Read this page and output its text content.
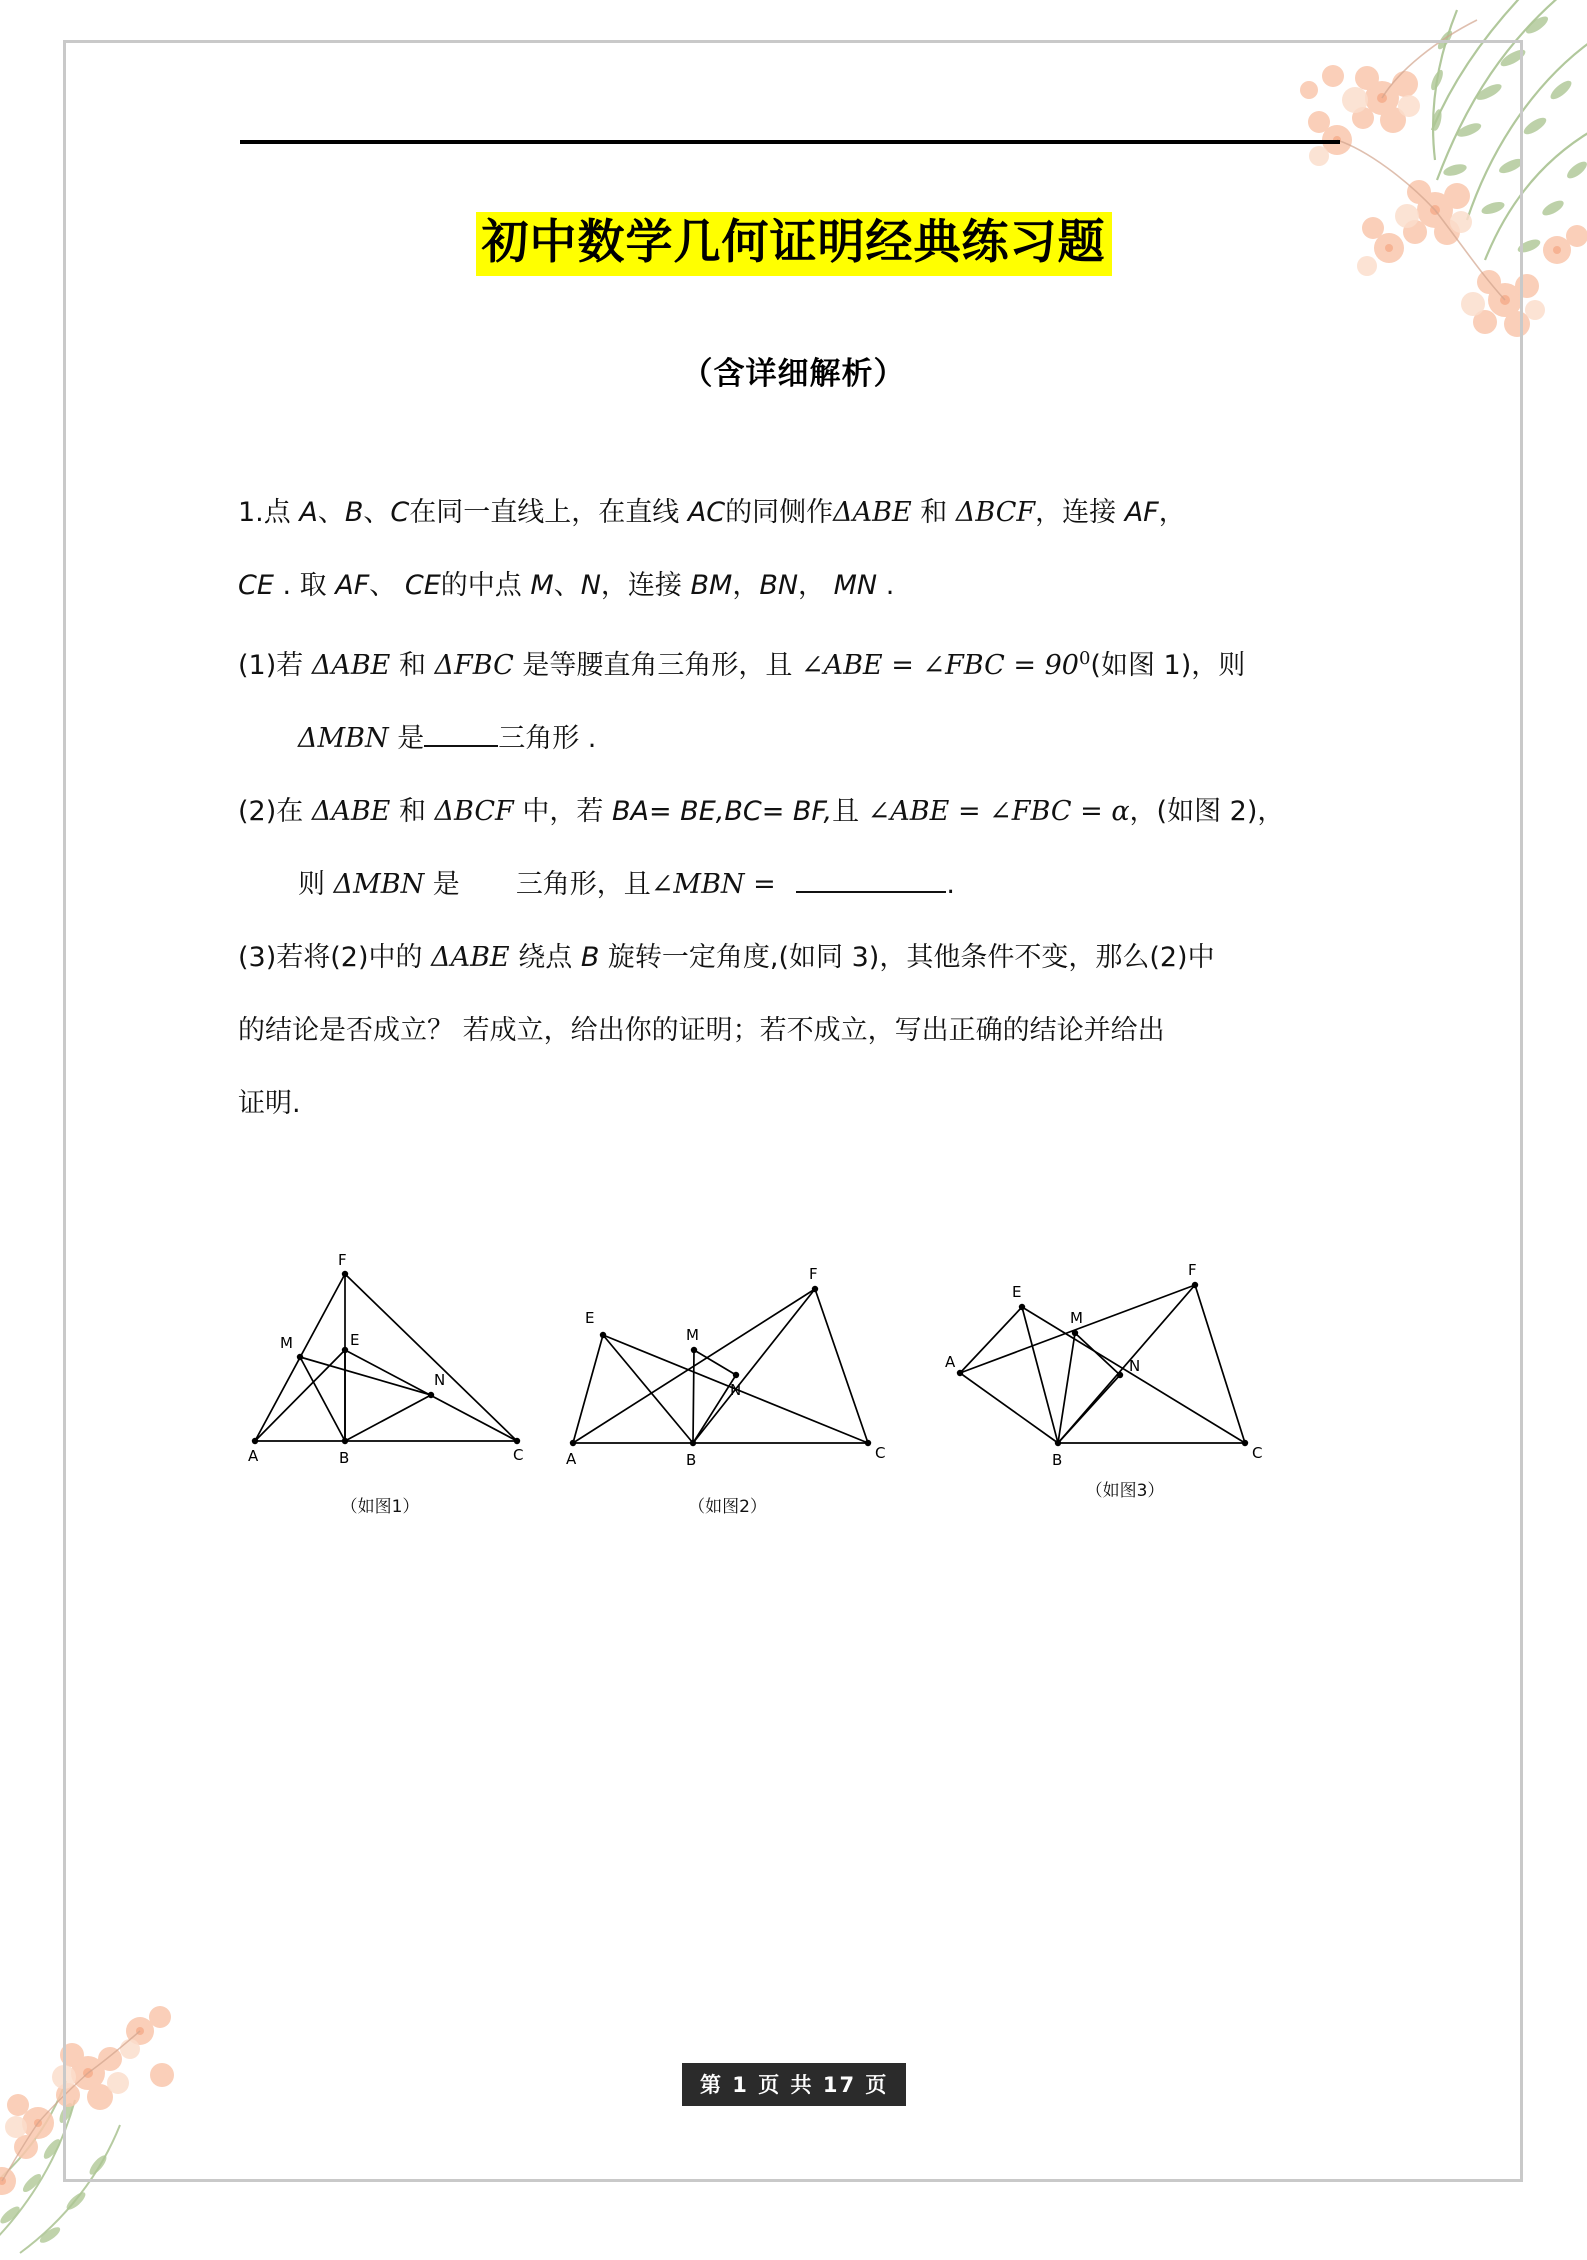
初中数学几何证明经典练习题
（含详细解析）
1.点 A、B、C在同一直线上，在直线 AC的同侧作ΔABE 和 ΔBCF，连接 AF，
CE . 取 AF、 CE的中点 M、N，连接 BM，BN， MN .
(1)若 ΔABE 和 ΔFBC 是等腰直角三角形，且 ∠ABE = ∠FBC = $90^0$(如图 1)，则
ΔMBN 是	三角形 .
(2)在 ΔABE 和 ΔBCF 中，若 BA= BE,BC= BF,且 ∠ABE = ∠FBC = α，(如图 2)，
则 ΔMBN 是 三角形，且∠MBN =	.
(3)若将(2)中的 ΔABE 绕点 B 旋转一定角度,(如同 3)，其他条件不变，那么(2)中
的结论是否成立？ 若成立，给出你的证明；若不成立，写出正确的结论并给出
证明.
F
M	E
N
A	B	C
（如图1）
F
E
M
N
A	B	C
（如图2）
F
E
M
A	N
B	C
（如图3）
第 1 页 共 17 页
